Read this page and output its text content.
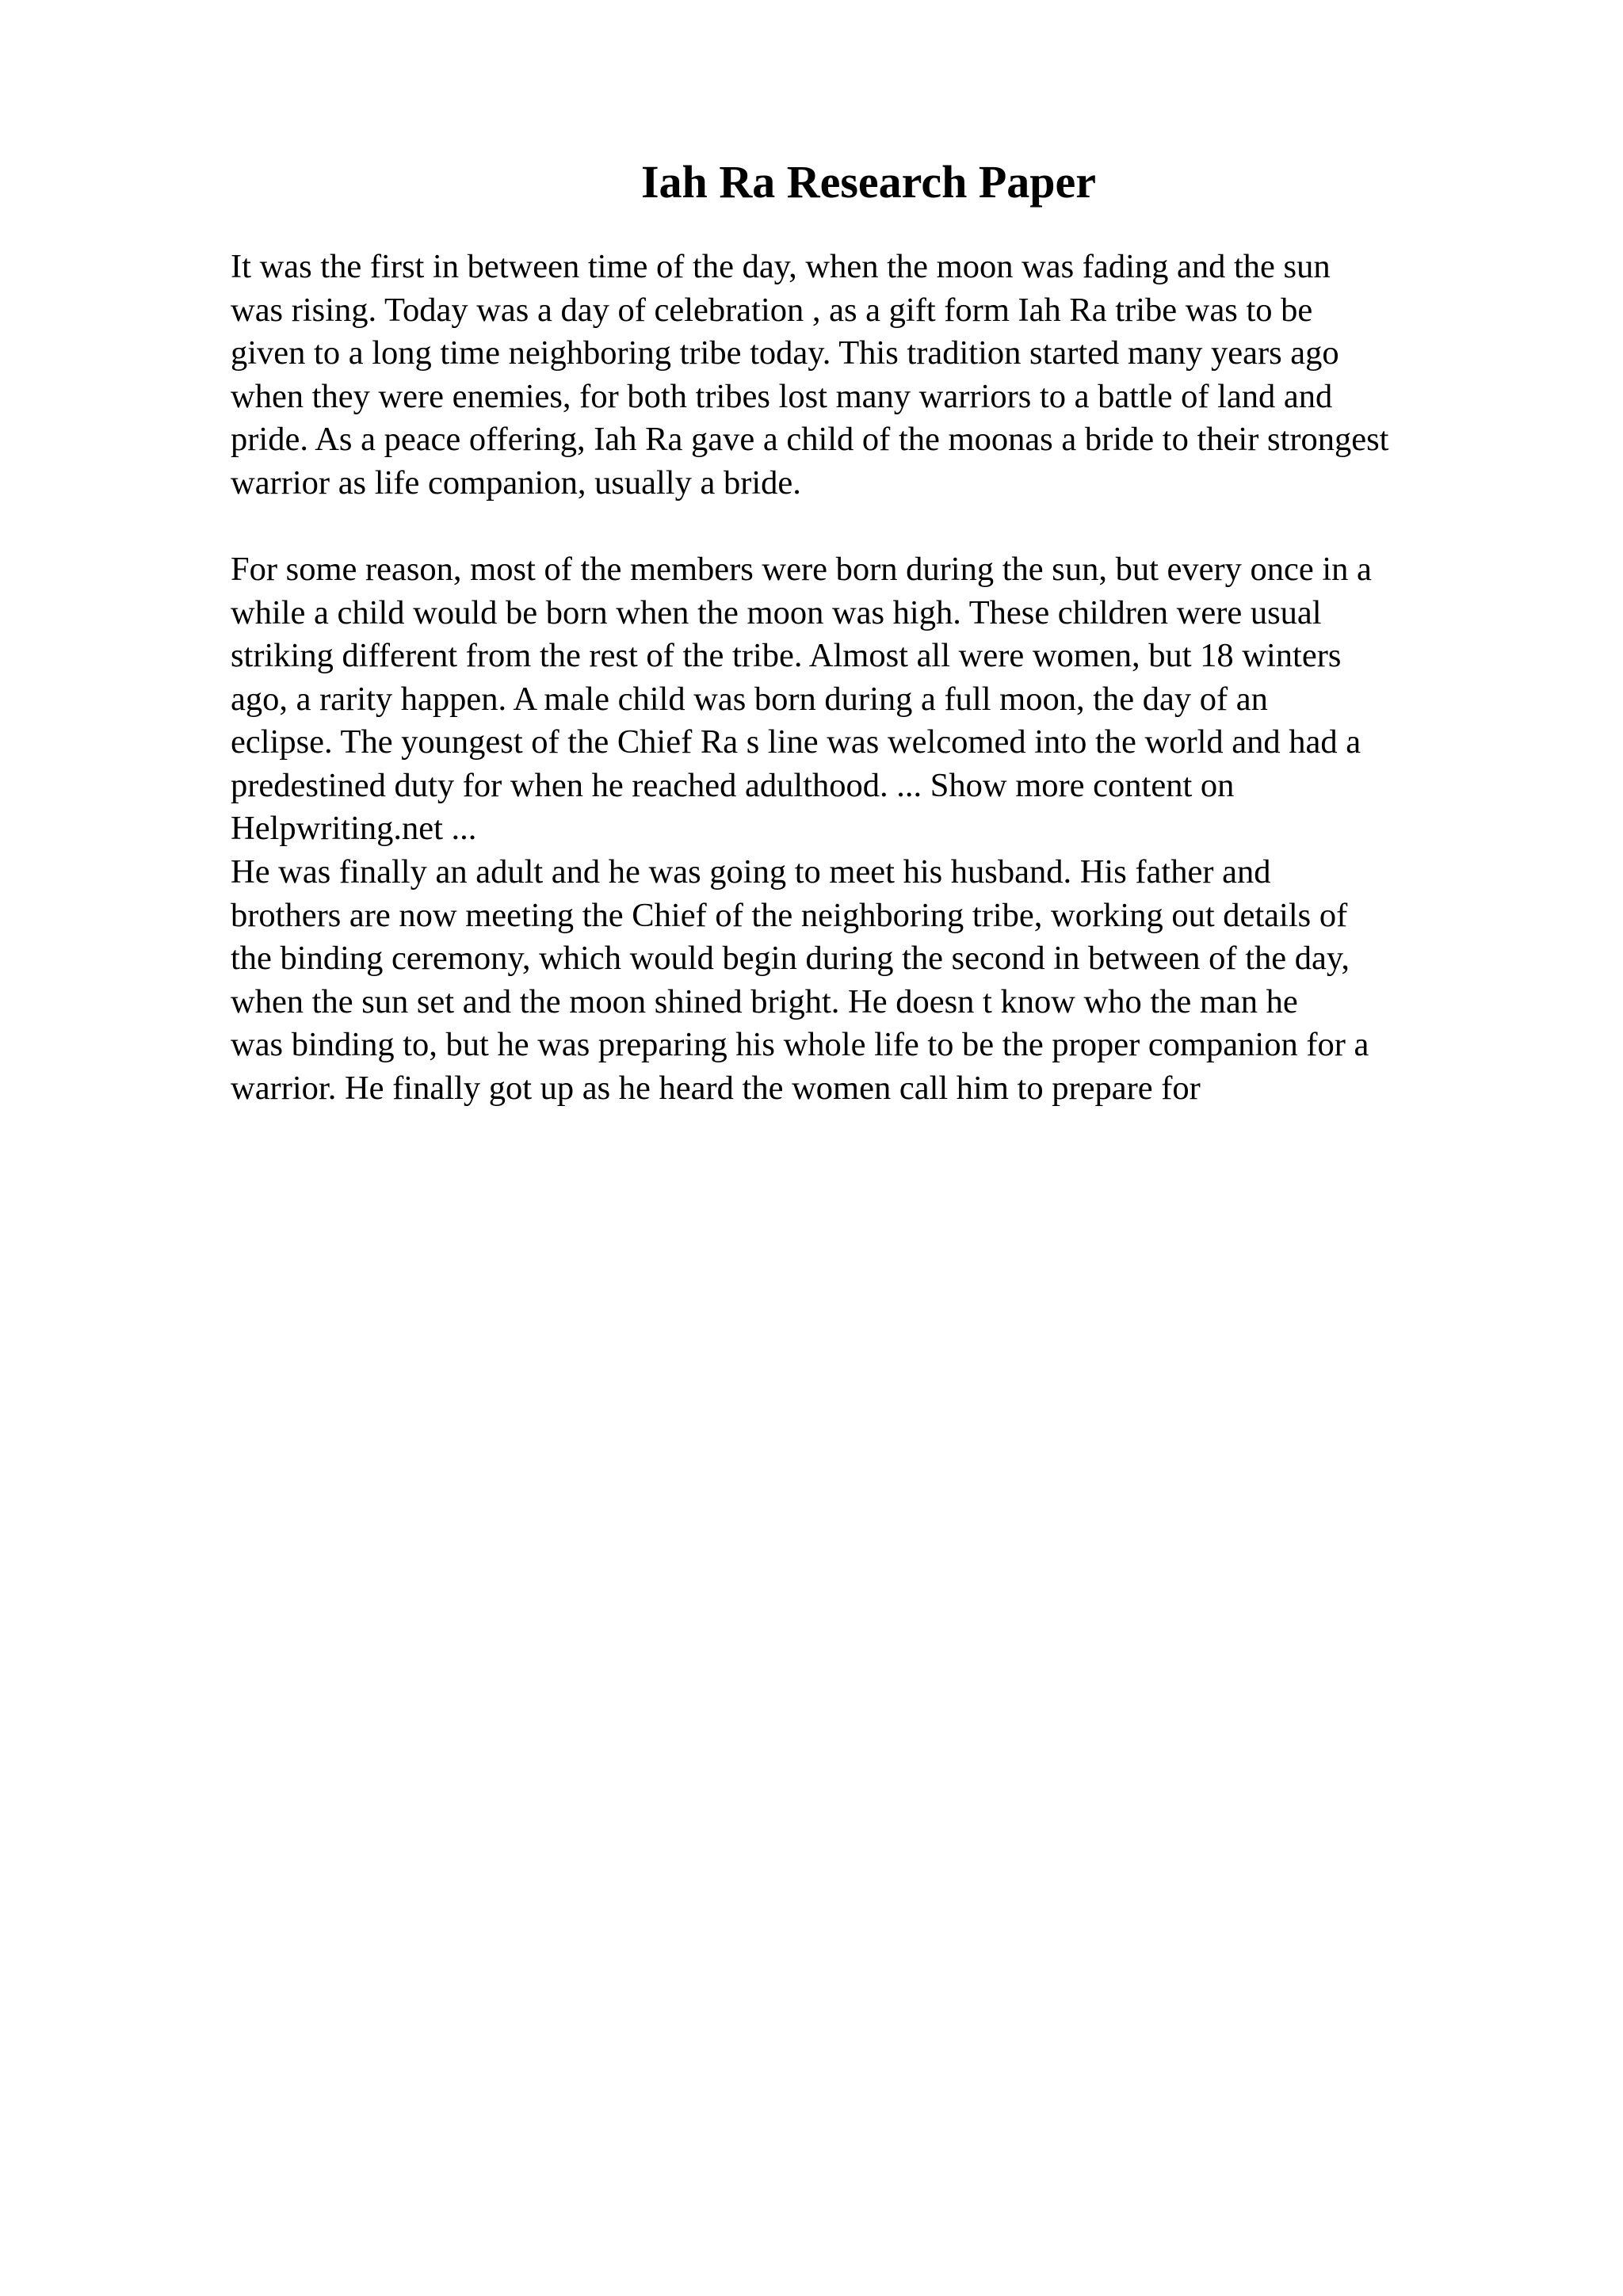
Iah Ra Research Paper
It was the first in between time of the day, when the moon was fading and the sun
was rising. Today was a day of celebration , as a gift form Iah Ra tribe was to be
given to a long time neighboring tribe today. This tradition started many years ago
when they were enemies, for both tribes lost many warriors to a battle of land and
pride. As a peace offering, Iah Ra gave a child of the moonas a bride to their strongest
warrior as life companion, usually a bride.
For some reason, most of the members were born during the sun, but every once in a
while a child would be born when the moon was high. These children were usual
striking different from the rest of the tribe. Almost all were women, but 18 winters
ago, a rarity happen. A male child was born during a full moon, the day of an
eclipse. The youngest of the Chief Ra s line was welcomed into the world and had a
predestined duty for when he reached adulthood. ... Show more content on
Helpwriting.net ...
He was finally an adult and he was going to meet his husband. His father and
brothers are now meeting the Chief of the neighboring tribe, working out details of
the binding ceremony, which would begin during the second in between of the day,
when the sun set and the moon shined bright. He doesn t know who the man he
was binding to, but he was preparing his whole life to be the proper companion for a
warrior. He finally got up as he heard the women call him to prepare for
